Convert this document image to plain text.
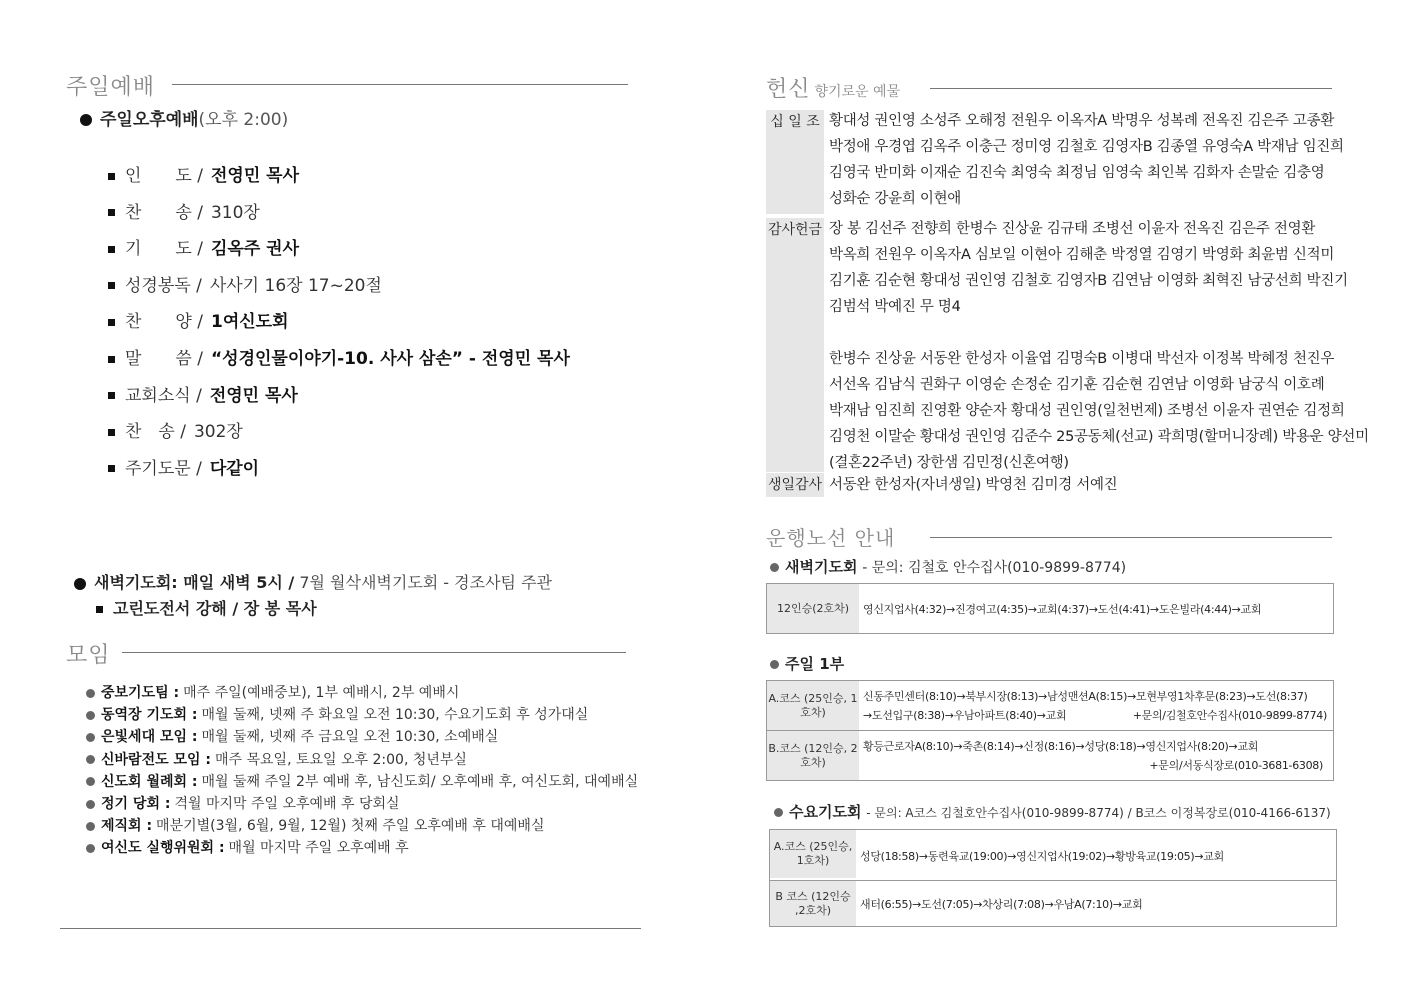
주일예배
주일오후예배(오후 2:00)
인　　도 / 전영민 목사
찬　　송 / 310장
기　　도 / 김옥주 권사
성경봉독 / 사사기 16장 17~20절
찬　　양 / 1여신도회
말　　씀 / “성경인물이야기-10. 사사 삼손” - 전영민 목사
교회소식 / 전영민 목사
찬　송 / 302장
주기도문 / 다같이
새벽기도회: 매일 새벽 5시 / 7월 월삭새벽기도회 - 경조사팀 주관
고린도전서 강해 / 장 봉 목사
모임
중보기도팀 : 매주 주일(예배중보), 1부 예배시, 2부 예배시
동역장 기도회 : 매월 둘째, 넷째 주 화요일 오전 10:30, 수요기도회 후 성가대실
은빛세대 모임 : 매월 둘째, 넷째 주 금요일 오전 10:30, 소예배실
신바람전도 모임 : 매주 목요일, 토요일 오후 2:00, 청년부실
신도회 월례회 : 매월 둘째 주일 2부 예배 후, 남신도회/ 오후예배 후, 여신도회, 대예배실
정기 당회 : 격월 마지막 주일 오후예배 후 당회실
제직회 : 매분기별(3월, 6월, 9월, 12월) 첫째 주일 오후예배 후 대예배실
여신도 실행위원회 : 매월 마지막 주일 오후예배 후
헌신 향기로운 예물
십 일 조 황대성 권인영 소성주 오해정 전원우 이옥자A 박명우 성복례 전옥진 김은주 고종환
박정애 우경엽 김옥주 이충근 정미영 김철호 김영자B 김종열 유영숙A 박재남 임진희
김영국 반미화 이재순 김진숙 최영숙 최정님 임영숙 최인복 김화자 손말순 김충영
성화순 강윤희 이현애
감사헌금 장 봉 김선주 전향희 한병수 진상윤 김규태 조병선 이윤자 전옥진 김은주 전영환
박옥희 전원우 이옥자A 심보일 이현아 김해춘 박정열 김영기 박영화 최윤범 신적미
김기훈 김순현 황대성 권인영 김철호 김영자B 김연남 이영화 최혁진 남궁선희 박진기
김범석 박예진 무 명4
한병수 진상윤 서동완 한성자 이율엽 김명숙B 이병대 박선자 이정복 박혜정 천진우
서선옥 김남식 권화구 이영순 손정순 김기훈 김순현 김연남 이영화 남궁식 이호례
박재남 임진희 진영환 양순자 황대성 권인영(일천번제) 조병선 이윤자 권연순 김정희
김영천 이말순 황대성 권인영 김준수 25공동체(선교) 곽희명(할머니장례) 박용운 양선미
(결혼22주년) 장한샘 김민정(신혼여행)
생일감사 서동완 한성자(자녀생일) 박영천 김미경 서예진
운행노선 안내
새벽기도회 - 문의: 김철호 안수집사(010-9899-8774)
12인승(2호차)	영신지업사(4:32)→진경여고(4:35)→교회(4:37)→도선(4:41)→도은빌라(4:44)→교회
주일 1부
A.코스 (25인승, 1호차)
신동주민센터(8:10)→북부시장(8:13)→남성맨션A(8:15)→모현부영1차후문(8:23)→도선(8:37)
→도선입구(8:38)→우남아파트(8:40)→교회	+문의/김철호안수집사(010-9899-8774)
B.코스 (12인승, 2호차)
황등근로자A(8:10)→죽촌(8:14)→신정(8:16)→성당(8:18)→영신지업사(8:20)→교회
+문의/서동식장로(010-3681-6308)
수요기도회 - 문의: A코스 김철호안수집사(010-9899-8774) / B코스 이정복장로(010-4166-6137)
A.코스 (25인승, 1호차)	성당(18:58)→동련육교(19:00)→영신지업사(19:02)→황방육교(19:05)→교회
B 코스 (12인승 ,2호차)	새터(6:55)→도선(7:05)→차상리(7:08)→우남A(7:10)→교회
